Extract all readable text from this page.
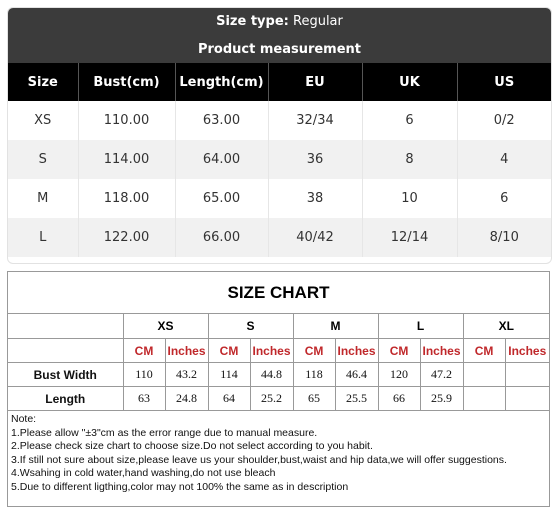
Size type: Regular
Product measurement
Size	Bust(cm)	Length(cm)	EU	UK	US
XS	110.00	63.00	32/34	6	0/2
S	114.00	64.00	36	8	4
M	118.00	65.00	38	10	6
L	122.00	66.00	40/42	12/14	8/10
SIZE CHART
	XS		S		M		L		XL	
	CM	Inches	CM	Inches	CM	Inches	CM	Inches	CM	Inches
Bust Width	110	43.2	114	44.8	118	46.4	120	47.2		
Length	63	24.8	64	25.2	65	25.5	66	25.9		
Note:
1.Please allow "±3"cm as the error range due to manual measure.
2.Please check size chart to choose size.Do not select according to you habit.
3.If still not sure about size,please leave us your shoulder,bust,waist and hip data,we will offer suggestions.
4.Wsahing in cold water,hand washing,do not use bleach
5.Due to different ligthing,color may not 100% the same as in description
